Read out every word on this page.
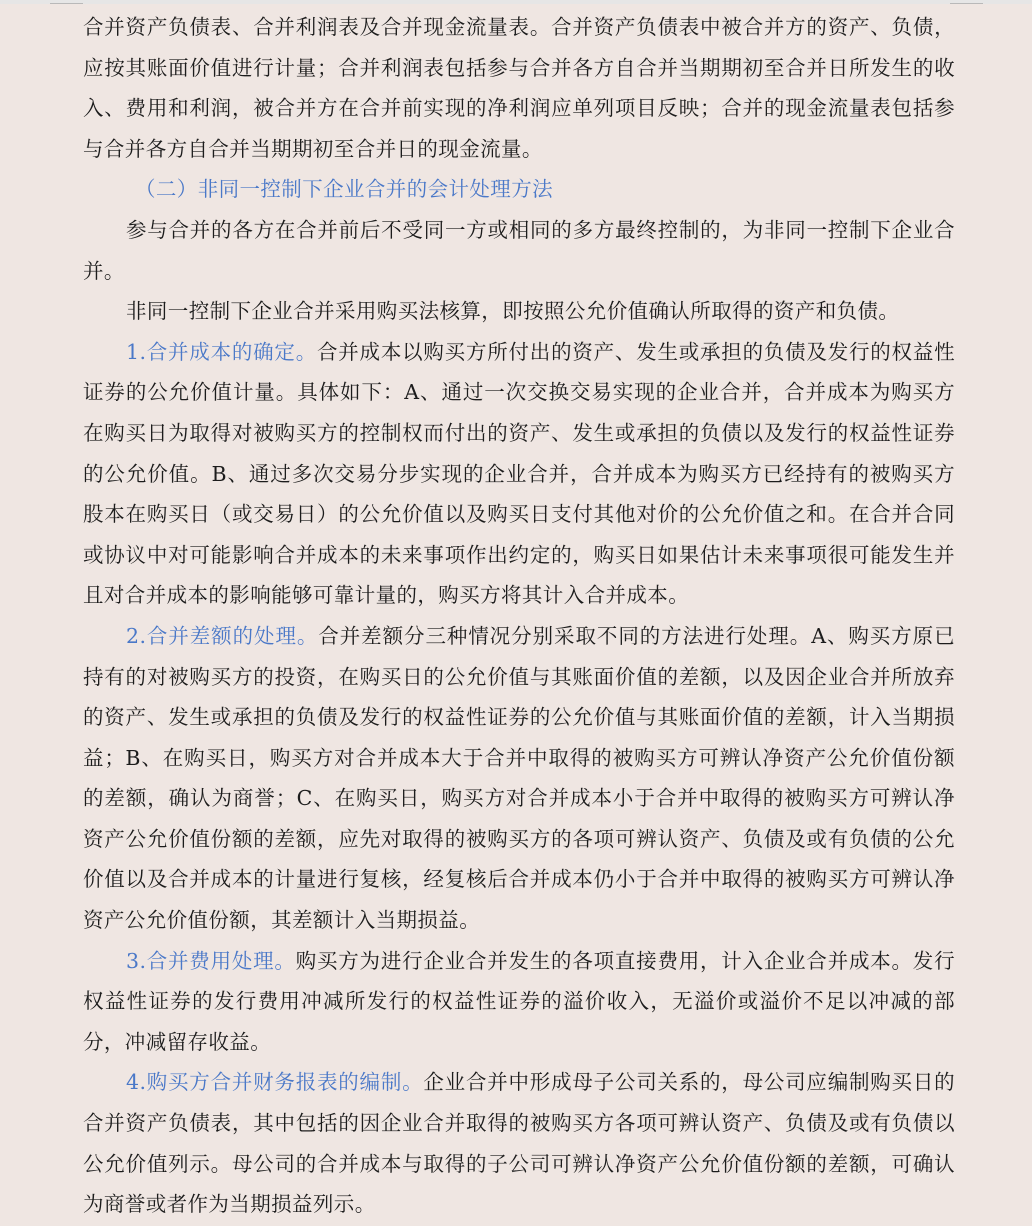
合并资产负债表、合并利润表及合并现金流量表。合并资产负债表中被合并方的资产、负债，应按其账面价值进行计量；合并利润表包括参与合并各方自合并当期期初至合并日所发生的收入、费用和利润，被合并方在合并前实现的净利润应单列项目反映；合并的现金流量表包括参与合并各方自合并当期期初至合并日的现金流量。

（二）非同一控制下企业合并的会计处理方法

参与合并的各方在合并前后不受同一方或相同的多方最终控制的，为非同一控制下企业合并。

非同一控制下企业合并采用购买法核算，即按照公允价值确认所取得的资产和负债。

1.合并成本的确定。合并成本以购买方所付出的资产、发生或承担的负债及发行的权益性证券的公允价值计量。具体如下：A、通过一次交换交易实现的企业合并，合并成本为购买方在购买日为取得对被购买方的控制权而付出的资产、发生或承担的负债以及发行的权益性证券的公允价值。B、通过多次交易分步实现的企业合并，合并成本为购买方已经持有的被购买方股本在购买日（或交易日）的公允价值以及购买日支付其他对价的公允价值之和。在合并合同或协议中对可能影响合并成本的未来事项作出约定的，购买日如果估计未来事项很可能发生并且对合并成本的影响能够可靠计量的，购买方将其计入合并成本。

2.合并差额的处理。合并差额分三种情况分别采取不同的方法进行处理。A、购买方原已持有的对被购买方的投资，在购买日的公允价值与其账面价值的差额，以及因企业合并所放弃的资产、发生或承担的负债及发行的权益性证券的公允价值与其账面价值的差额，计入当期损益；B、在购买日，购买方对合并成本大于合并中取得的被购买方可辨认净资产公允价值份额的差额，确认为商誉；C、在购买日，购买方对合并成本小于合并中取得的被购买方可辨认净资产公允价值份额的差额，应先对取得的被购买方的各项可辨认资产、负债及或有负债的公允价值以及合并成本的计量进行复核，经复核后合并成本仍小于合并中取得的被购买方可辨认净资产公允价值份额，其差额计入当期损益。

3.合并费用处理。购买方为进行企业合并发生的各项直接费用，计入企业合并成本。发行权益性证券的发行费用冲减所发行的权益性证券的溢价收入，无溢价或溢价不足以冲减的部分，冲减留存收益。

4.购买方合并财务报表的编制。企业合并中形成母子公司关系的，母公司应编制购买日的合并资产负债表，其中包括的因企业合并取得的被购买方各项可辨认资产、负债及或有负债以公允价值列示。母公司的合并成本与取得的子公司可辨认净资产公允价值份额的差额，可确认为商誉或者作为当期损益列示。
